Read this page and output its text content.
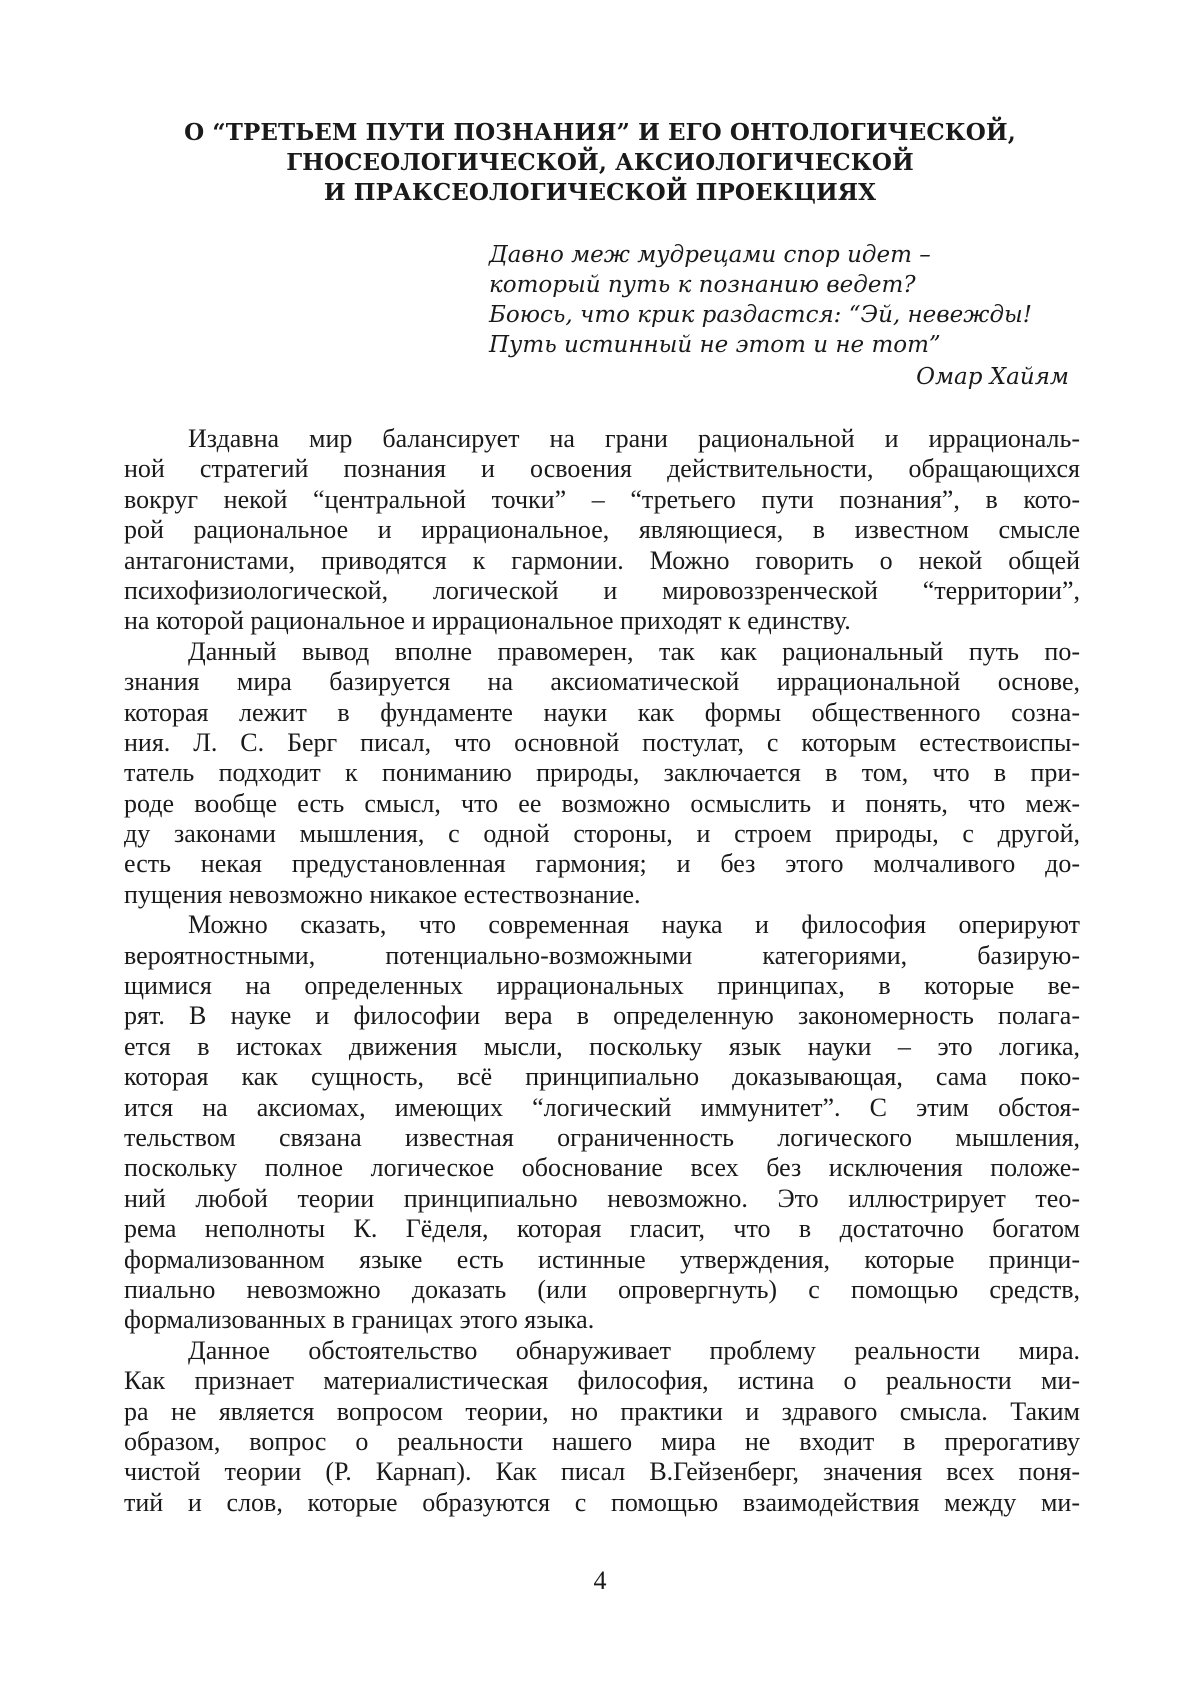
О “ТРЕТЬЕМ ПУТИ ПОЗНАНИЯ” И ЕГО ОНТОЛОГИЧЕСКОЙ,
ГНОСЕОЛОГИЧЕСКОЙ, АКСИОЛОГИЧЕСКОЙ
И ПРАКСЕОЛОГИЧЕСКОЙ ПРОЕКЦИЯХ
Давно меж мудрецами спор идет –
который путь к познанию ведет?
Боюсь, что крик раздастся: “Эй, невежды!
Путь истинный не этот и не тот”
Омар Хайям
Издавна мир балансирует на грани рациональной и иррациональ-
ной стратегий познания и освоения действительности, обращающихся
вокруг некой “центральной точки” – “третьего пути познания”, в кото-
рой рациональное и иррациональное, являющиеся, в известном смысле
антагонистами, приводятся к гармонии. Можно говорить о некой общей
психофизиологической, логической и мировоззренческой “территории”,
на которой рациональное и иррациональное приходят к единству.
Данный вывод вполне правомерен, так как рациональный путь по-
знания мира базируется на аксиоматической иррациональной основе,
которая лежит в фундаменте науки как формы общественного созна-
ния. Л. С. Берг писал, что основной постулат, с которым естествоиспы-
татель подходит к пониманию природы, заключается в том, что в при-
роде вообще есть смысл, что ее возможно осмыслить и понять, что меж-
ду законами мышления, с одной стороны, и строем природы, с другой,
есть некая предустановленная гармония; и без этого молчаливого до-
пущения невозможно никакое естествознание.
Можно сказать, что современная наука и философия оперируют
вероятностными, потенциально-возможными категориями, базирую-
щимися на определенных иррациональных принципах, в которые ве-
рят. В науке и философии вера в определенную закономерность полага-
ется в истоках движения мысли, поскольку язык науки – это логика,
которая как сущность, всё принципиально доказывающая, сама поко-
ится на аксиомах, имеющих “логический иммунитет”. С этим обстоя-
тельством связана известная ограниченность логического мышления,
поскольку полное логическое обоснование всех без исключения положе-
ний любой теории принципиально невозможно. Это иллюстрирует тео-
рема неполноты К. Гёделя, которая гласит, что в достаточно богатом
формализованном языке есть истинные утверждения, которые принци-
пиально невозможно доказать (или опровергнуть) с помощью средств,
формализованных в границах этого языка.
Данное обстоятельство обнаруживает проблему реальности мира.
Как признает материалистическая философия, истина о реальности ми-
ра не является вопросом теории, но практики и здравого смысла. Таким
образом, вопрос о реальности нашего мира не входит в прерогативу
чистой теории (Р. Карнап). Как писал В.Гейзенберг, значения всех поня-
тий и слов, которые образуются с помощью взаимодействия между ми-
4
